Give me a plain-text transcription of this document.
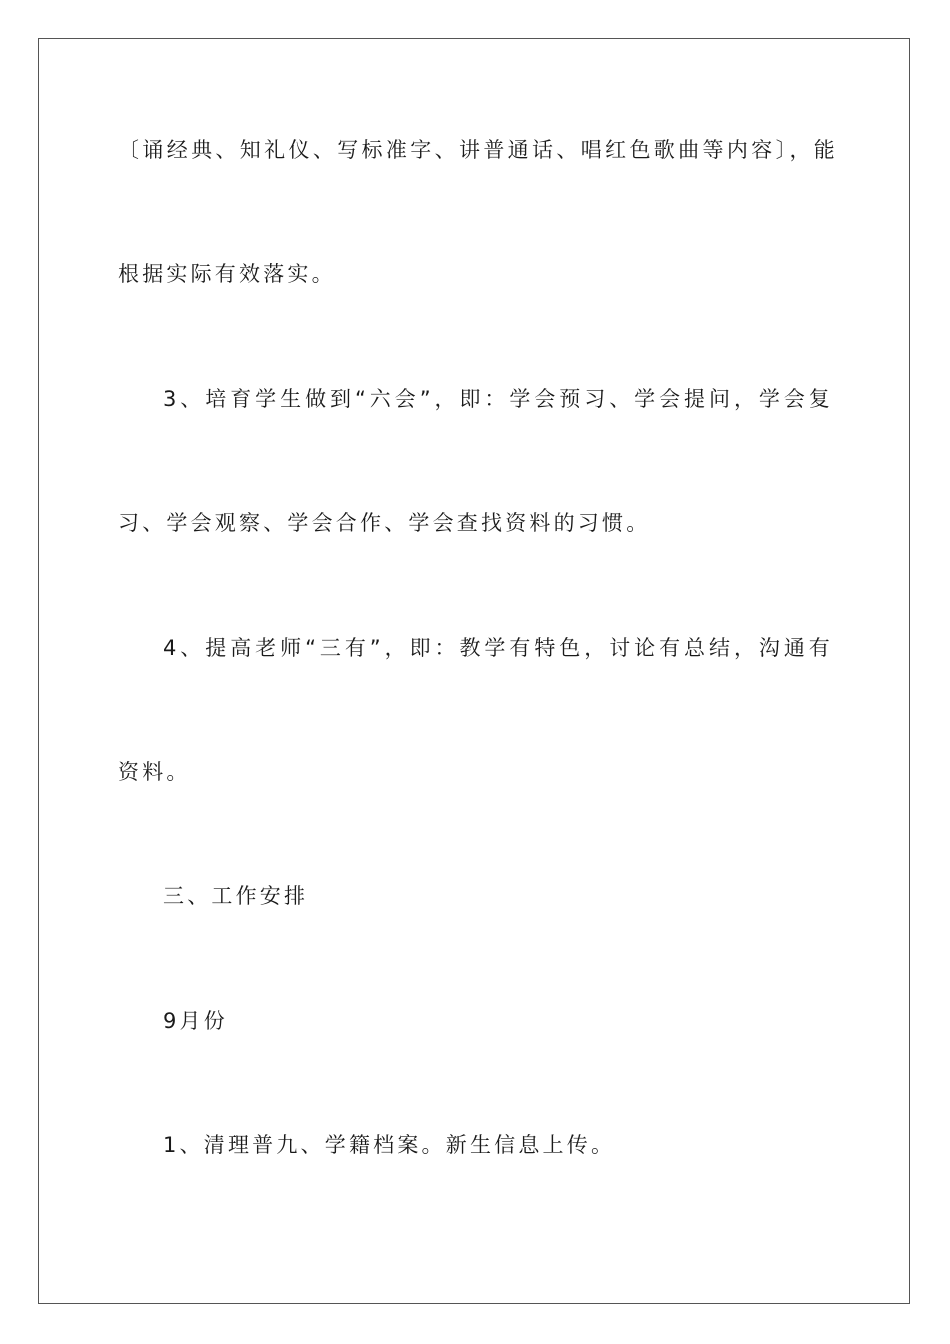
〔诵经典、知礼仪、写标准字、讲普通话、唱红色歌曲等内容〕，能
根据实际有效落实。
3、培育学生做到“六会”，即：学会预习、学会提问，学会复
习、学会观察、学会合作、学会查找资料的习惯。
4、提高老师“三有”，即：教学有特色，讨论有总结，沟通有
资料。
三、工作安排
9月份
1、清理普九、学籍档案。新生信息上传。
